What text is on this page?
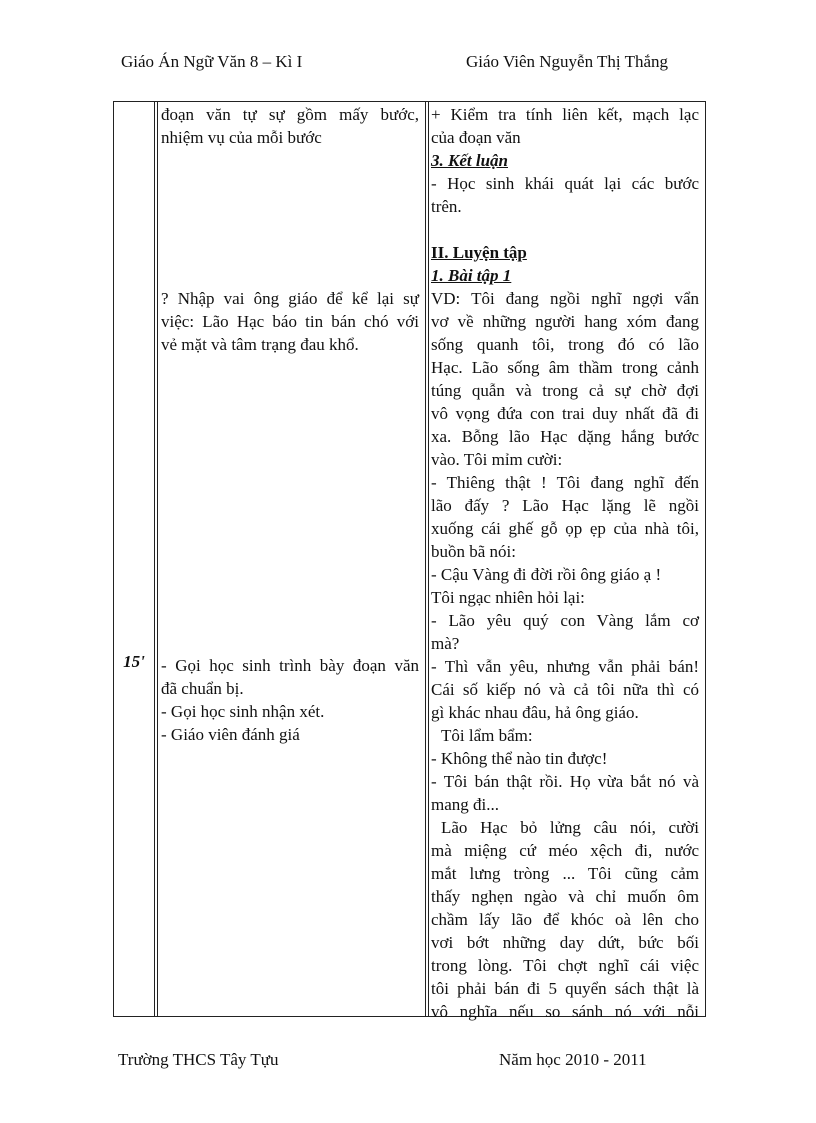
Giáo Án Ngữ Văn 8 – Kì I	Giáo Viên Nguyễn Thị Thắng
15'
đoạn văn tự sự gồm mấy bước,
nhiệm vụ của mỗi bước
? Nhập vai ông giáo để kể lại sự
việc: Lão Hạc báo tin bán chó với
vẻ mặt và tâm trạng đau khổ.
- Gọi học sinh trình bày đoạn văn
đã chuẩn bị.
- Gọi học sinh nhận xét.
- Giáo viên đánh giá
+ Kiểm tra tính liên kết, mạch lạc
của đoạn văn
3. Kết luận
- Học sinh khái quát lại các bước
trên.
II. Luyện tập
1. Bài tập 1
VD: Tôi đang ngồi nghĩ ngợi vẩn
vơ về những người hang xóm đang
sống quanh tôi, trong đó có lão
Hạc. Lão sống âm thầm trong cảnh
túng quẫn và trong cả sự chờ đợi
vô vọng đứa con trai duy nhất đã đi
xa. Bỗng lão Hạc dặng hắng bước
vào. Tôi mỉm cười:
- Thiêng thật ! Tôi đang nghĩ đến
lão đấy ? Lão Hạc lặng lẽ ngồi
xuống cái ghế gỗ ọp ẹp của nhà tôi,
buồn bã nói:
- Cậu Vàng đi đời rồi ông giáo ạ !
Tôi ngạc nhiên hỏi lại:
- Lão yêu quý con Vàng lắm cơ
mà?
- Thì vẫn yêu, nhưng vẫn phải bán!
Cái số kiếp nó và cả tôi nữa thì có
gì khác nhau đâu, hả ông giáo.
Tôi lẩm bẩm:
- Không thể nào tin được!
- Tôi bán thật rồi. Họ vừa bắt nó và
mang đi...
Lão Hạc bỏ lửng câu nói, cười
mà miệng cứ méo xệch đi, nước
mắt lưng tròng ... Tôi cũng cảm
thấy nghẹn ngào và chỉ muốn ôm
chầm lấy lão để khóc oà lên cho
vơi bớt những day dứt, bức bối
trong lòng. Tôi chợt nghĩ cái việc
tôi phải bán đi 5 quyển sách thật là
vô nghĩa nếu so sánh nó với nỗi
Trường THCS Tây Tựu	Năm học 2010 - 2011
